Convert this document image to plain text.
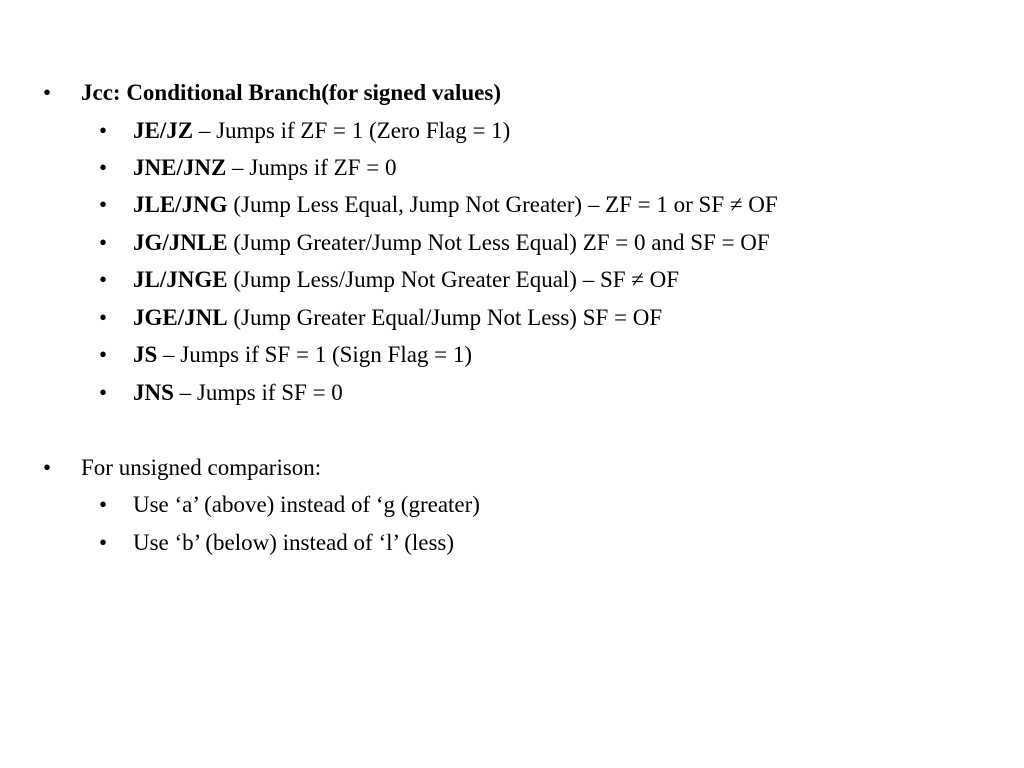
• Jcc: Conditional Branch(for signed values)
• JE/JZ – Jumps if ZF = 1 (Zero Flag = 1)
• JNE/JNZ – Jumps if ZF = 0
• JLE/JNG (Jump Less Equal, Jump Not Greater) – ZF = 1 or SF ≠ OF
• JG/JNLE (Jump Greater/Jump Not Less Equal) ZF = 0 and SF = OF
• JL/JNGE (Jump Less/Jump Not Greater Equal) – SF ≠ OF
• JGE/JNL (Jump Greater Equal/Jump Not Less) SF = OF
• JS – Jumps if SF = 1 (Sign Flag = 1)
• JNS – Jumps if SF = 0
• For unsigned comparison:
• Use ‘a’ (above) instead of ‘g (greater)
• Use ‘b’ (below) instead of ‘l’ (less)
